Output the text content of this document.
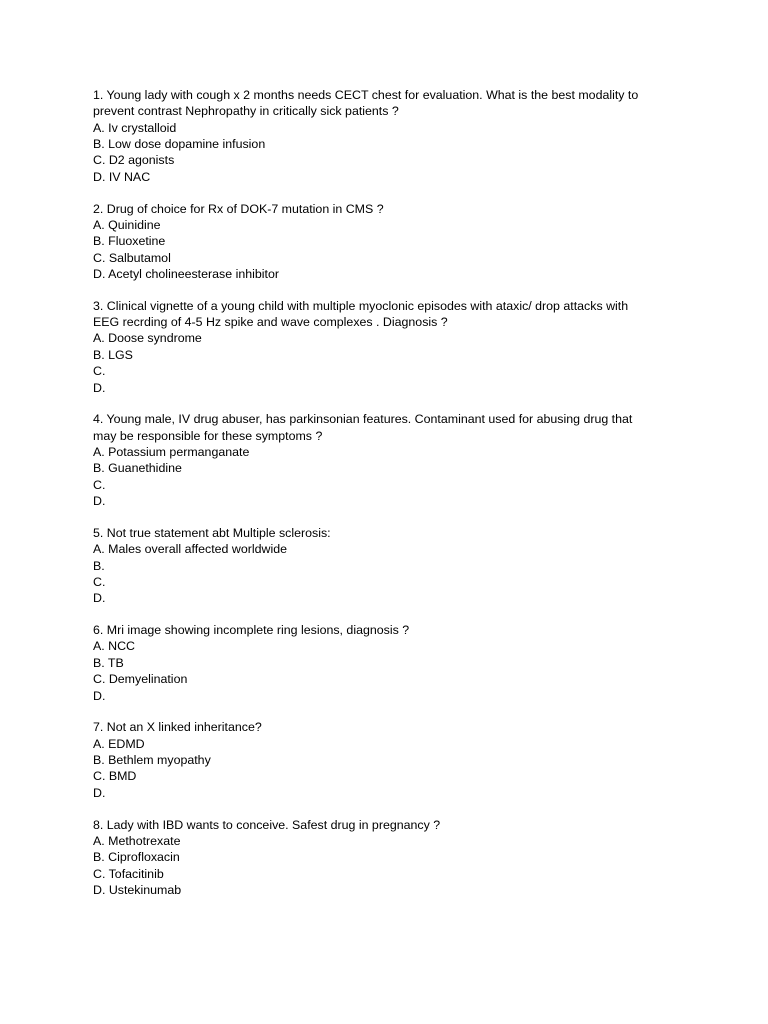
1. Young lady with cough x 2 months needs CECT chest for evaluation. What is the best modality to
prevent contrast Nephropathy in critically sick patients ?
A. Iv crystalloid
B. Low dose dopamine infusion
C. D2 agonists
D. IV NAC
2. Drug of choice for Rx of DOK-7 mutation in CMS ?
A. Quinidine
B. Fluoxetine
C. Salbutamol
D. Acetyl cholineesterase inhibitor
3. Clinical vignette of a young child with multiple myoclonic episodes with ataxic/ drop attacks with
EEG recrding of 4-5 Hz spike and wave complexes . Diagnosis ?
A. Doose syndrome
B. LGS
C.
D.
4. Young male, IV drug abuser, has parkinsonian features. Contaminant used for abusing drug that
may be responsible for these symptoms ?
A. Potassium permanganate
B. Guanethidine
C.
D.
5. Not true statement abt Multiple sclerosis:
A. Males overall affected worldwide
B.
C.
D.
6. Mri image showing incomplete ring lesions, diagnosis ?
A. NCC
B. TB
C. Demyelination
D.
7. Not an X linked inheritance?
A. EDMD
B. Bethlem myopathy
C. BMD
D.
8. Lady with IBD wants to conceive. Safest drug in pregnancy ?
A. Methotrexate
B. Ciprofloxacin
C. Tofacitinib
D. Ustekinumab
